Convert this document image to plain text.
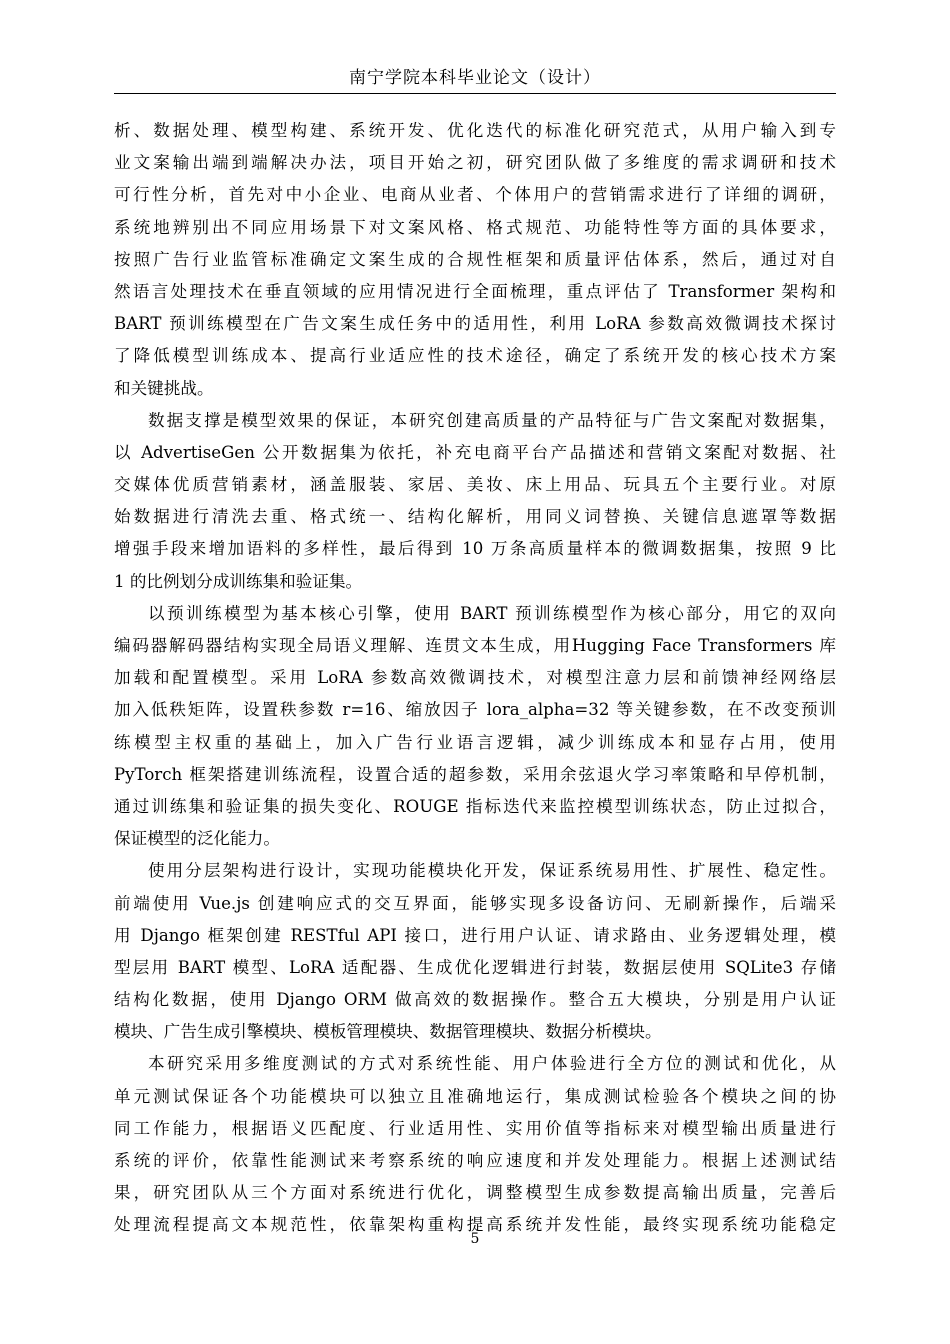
南宁学院本科毕业论文（设计）
析、数据处理、模型构建、系统开发、优化迭代的标准化研究范式，从用户输入到专
业文案输出端到端解决办法，项目开始之初，研究团队做了多维度的需求调研和技术
可行性分析，首先对中小企业、电商从业者、个体用户的营销需求进行了详细的调研，
系统地辨别出不同应用场景下对文案风格、格式规范、功能特性等方面的具体要求，
按照广告行业监管标准确定文案生成的合规性框架和质量评估体系，然后，通过对自
然语言处理技术在垂直领域的应用情况进行全面梳理，重点评估了 Transformer 架构和
BART 预训练模型在广告文案生成任务中的适用性，利用 LoRA 参数高效微调技术探讨
了降低模型训练成本、提高行业适应性的技术途径，确定了系统开发的核心技术方案
和关键挑战。
数据支撑是模型效果的保证，本研究创建高质量的产品特征与广告文案配对数据集，
以 AdvertiseGen 公开数据集为依托，补充电商平台产品描述和营销文案配对数据、社
交媒体优质营销素材，涵盖服装、家居、美妆、床上用品、玩具五个主要行业。对原
始数据进行清洗去重、格式统一、结构化解析，用同义词替换、关键信息遮罩等数据
增强手段来增加语料的多样性，最后得到 10 万条高质量样本的微调数据集，按照 9 比
1 的比例划分成训练集和验证集。
以预训练模型为基本核心引擎，使用 BART 预训练模型作为核心部分，用它的双向
编码器解码器结构实现全局语义理解、连贯文本生成，用Hugging Face Transformers 库
加载和配置模型。采用 LoRA 参数高效微调技术，对模型注意力层和前馈神经网络层
加入低秩矩阵，设置秩参数 r=16、缩放因子 lora_alpha=32 等关键参数，在不改变预训
练模型主权重的基础上，加入广告行业语言逻辑，减少训练成本和显存占用，使用
PyTorch 框架搭建训练流程，设置合适的超参数，采用余弦退火学习率策略和早停机制，
通过训练集和验证集的损失变化、ROUGE 指标迭代来监控模型训练状态，防止过拟合，
保证模型的泛化能力。
使用分层架构进行设计，实现功能模块化开发，保证系统易用性、扩展性、稳定性。
前端使用 Vue.js 创建响应式的交互界面，能够实现多设备访问、无刷新操作，后端采
用 Django 框架创建 RESTful API 接口，进行用户认证、请求路由、业务逻辑处理，模
型层用 BART 模型、LoRA 适配器、生成优化逻辑进行封装，数据层使用 SQLite3 存储
结构化数据，使用 Django ORM 做高效的数据操作。整合五大模块，分别是用户认证
模块、广告生成引擎模块、模板管理模块、数据管理模块、数据分析模块。
本研究采用多维度测试的方式对系统性能、用户体验进行全方位的测试和优化，从
单元测试保证各个功能模块可以独立且准确地运行，集成测试检验各个模块之间的协
同工作能力，根据语义匹配度、行业适用性、实用价值等指标来对模型输出质量进行
系统的评价，依靠性能测试来考察系统的响应速度和并发处理能力。根据上述测试结
果，研究团队从三个方面对系统进行优化，调整模型生成参数提高输出质量，完善后
处理流程提高文本规范性，依靠架构重构提高系统并发性能，最终实现系统功能稳定
5
